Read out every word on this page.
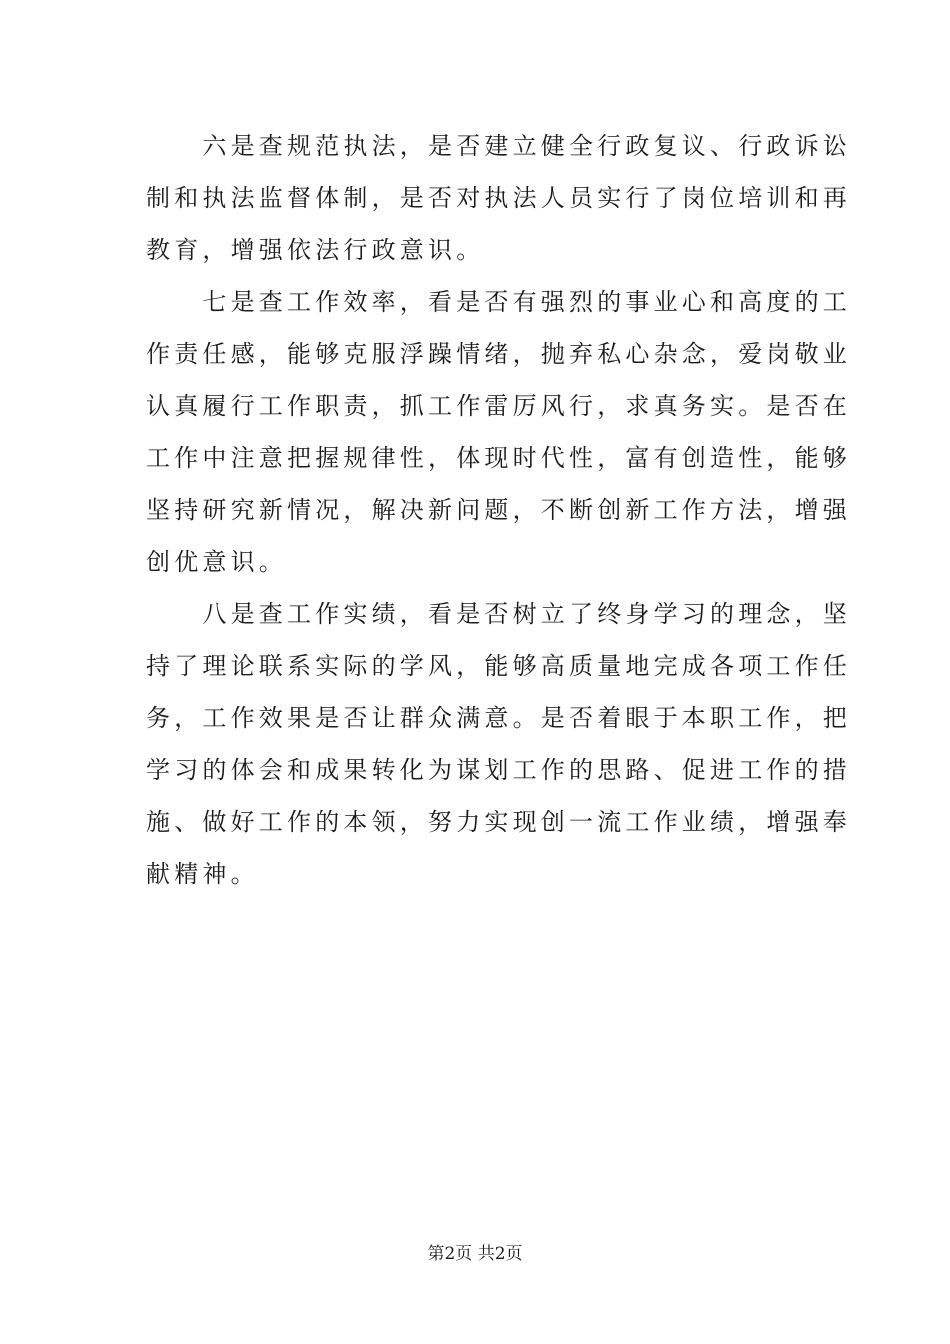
　　六是查规范执法，是否建立健全行政复议、行政诉讼
制和执法监督体制，是否对执法人员实行了岗位培训和再
教育，增强依法行政意识。
　　七是查工作效率，看是否有强烈的事业心和高度的工
作责任感，能够克服浮躁情绪，抛弃私心杂念，爱岗敬业
认真履行工作职责，抓工作雷厉风行，求真务实。是否在
工作中注意把握规律性，体现时代性，富有创造性，能够
坚持研究新情况，解决新问题，不断创新工作方法，增强
创优意识。
　　八是查工作实绩，看是否树立了终身学习的理念，坚
持了理论联系实际的学风，能够高质量地完成各项工作任
务，工作效果是否让群众满意。是否着眼于本职工作，把
学习的体会和成果转化为谋划工作的思路、促进工作的措
施、做好工作的本领，努力实现创一流工作业绩，增强奉
献精神。
第2页 共2页
